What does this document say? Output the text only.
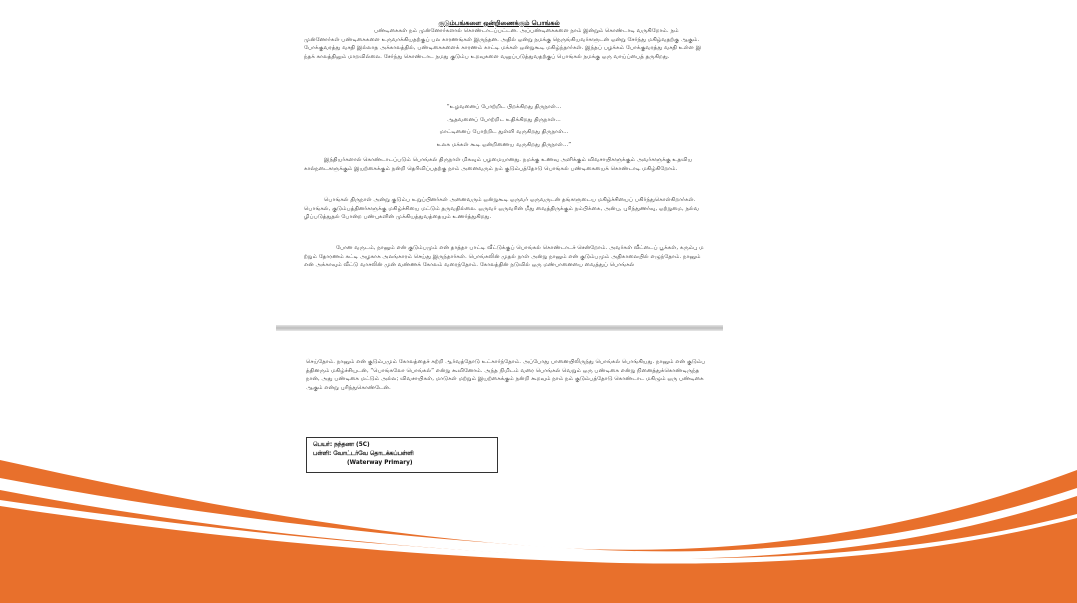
குடும்பங்களை ஒன்றிணைக்கும் பொங்கல்

பண்டிகைகள் நம் முன்னோர்களால் கொண்டாடப்பட்டன. அப்பண்டிகைகளை நாம் இன்றும் கொண்டாடி வருகிறோம். நம் முன்னோர்கள் பண்டிகைகளை உருவாக்கியதற்குப் பல காரணங்கள் இருந்தன. அதில் ஒன்று நமக்கு நெருங்கியவர்களுடன் ஒன்று சேர்ந்து மகிழ்வதற்கு ஆகும். போக்குவரத்து வசதி இல்லாத அக்காலத்தில், பண்டிகைகளைக் காரணம் காட்டி மக்கள் ஒன்றுகூடி மகிழ்ந்தார்கள். இந்தப் பழக்கம் போக்குவரத்து வசதி உள்ள இந்தக் காலத்திலும் மாறவில்லை. சேர்ந்து கொண்டாட நமது குடும்ப உறவுகளை வலுப்படுத்துவதற்குப் பொங்கல் நமக்கு ஒரு வாய்ப்பைத் தருகிறது.

“உழவனைப் போற்றிட பிறக்கிறது திருநாள்...
ஆதவனைப் போற்றிட உதிக்கிறது திருநாள்...
மாட்டினைப் போற்றிட துள்ளி வருகிறது திருநாள்...
உலக மக்கள் கூடி ஒன்றிணைய வருகிறது திருநாள்...”

இந்தியர்களால் கொண்டாடப்படும் பொங்கல் திருநாள் மிகவும் பழமையானது. நமக்கு உணவு அளிக்கும் விவசாயிகளுக்கும் அவர்களுக்கு உதவிய கால்நடைகளுக்கும் இயற்கைக்கும் நன்றி தெரிவிப்பதற்கு நாம் அனைவரும் நம் குடும்பத்தோடு பொங்கல் பண்டிகையைக் கொண்டாடி மகிழ்கிறோம்.

பொங்கல் திருநாள் அன்று குடும்ப உறுப்பினர்கள் அனைவரும் ஒன்றுகூடி ஒருவர் ஒருவருடன் தங்களுடைய மகிழ்ச்சியைப் பகிர்ந்துகொள்கிறார்கள். பொங்கல், குடும்பத்தினர்களுக்கு மகிழ்ச்சியை மட்டும் தருவதில்லை. ஒருவர் ஒருவரின் மீது வைத்திருக்கும் நம்பிக்கை, அன்பு, புரிந்துணர்வு, ஒற்றுமை, நல்வழிப்படுத்துதல் போன்ற பண்புகளின் முக்கியத்துவத்தையும் உணர்த்துகிறது.

போன வருடம், நானும் என் குடும்பமும் என் தாத்தா பாட்டி வீட்டுக்குப் பொங்கல் கொண்டாடச் சென்றோம். அவர்கள் வீட்டைப் பூக்கள், கரும்பு மற்றும் தோரணம் கட்டி அழகாக அலங்காரம் செய்து இருந்தார்கள். பொங்கலின் முதல் நாள் அன்று நானும் என் குடும்பமும் அதிகாலையில் எழுந்தோம். நானும் என் அக்காவும் வீட்டு வாசலின் முன் வண்ணக் கோலம் வரைந்தோம். கோலத்தின் நடுவில் ஒரு மண்பானையை வைத்துப் பொங்கல்

செய்தோம். நானும் என் குடும்பமும் கோலத்தைச் சுற்றி ஆர்வத்தோடு உட்கார்ந்தோம். அப்போது பானையிலிருந்து பொங்கல் பொங்கியது. நானும் என் குடும்பத்தினரும் மகிழ்ச்சியுடன், “பொங்கலோ பொங்கல்” என்று கூவினோம். அந்த நிமிடம் வரை பொங்கல் வெறும் ஒரு பண்டிகை என்று நினைத்துக்கொண்டிருந்த நான், அது பண்டிகை மட்டும் அல்ல; விவசாயிகள், மாடுகள் மற்றும் இயற்கைக்கும் நன்றி கூறவும் நாம் நம் குடும்பத்தோடு கொண்டாட மகிழும் ஒரு பண்டிகை ஆகும் என்று புரிந்துகொண்டேன்.

பெயர்: நந்தனா (5C)
பள்ளி: வோட்டர்வே தொடக்கப்பள்ளி
(Waterway Primary)
